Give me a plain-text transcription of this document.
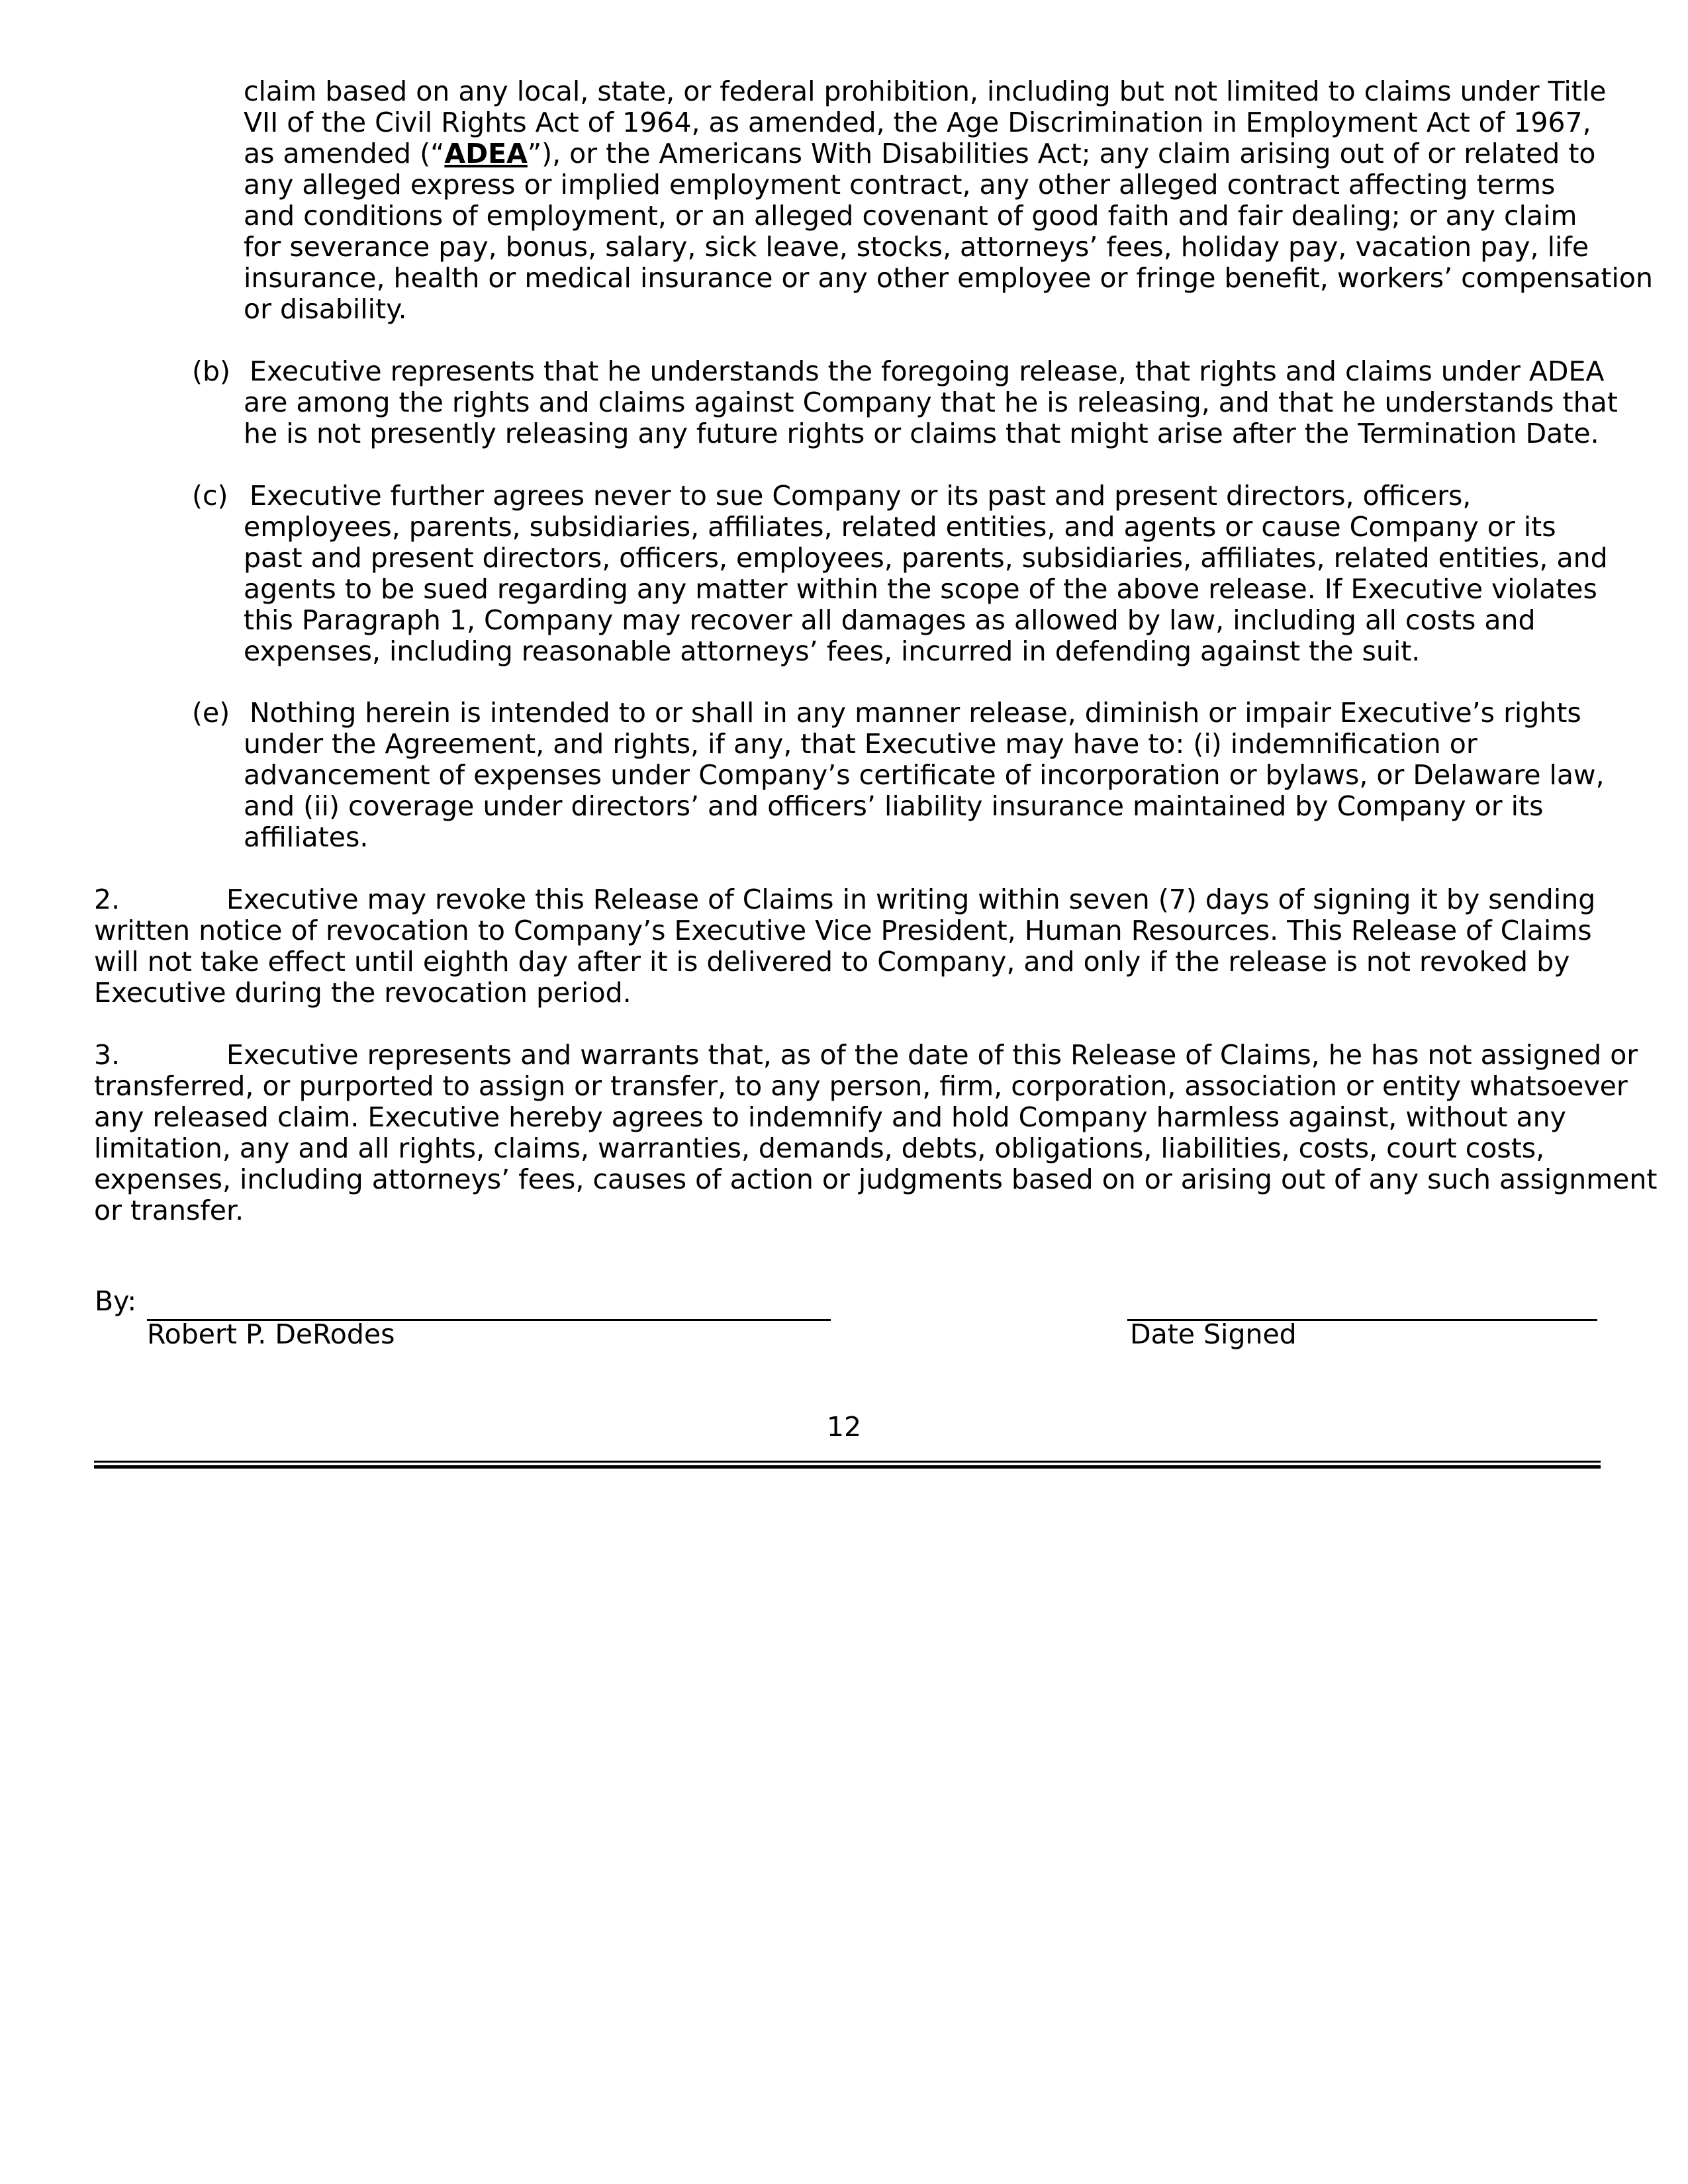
claim based on any local, state, or federal prohibition, including but not limited to claims under Title
VII of the Civil Rights Act of 1964, as amended, the Age Discrimination in Employment Act of 1967,
as amended (“ADEA”), or the Americans With Disabilities Act; any claim arising out of or related to
any alleged express or implied employment contract, any other alleged contract affecting terms
and conditions of employment, or an alleged covenant of good faith and fair dealing; or any claim
for severance pay, bonus, salary, sick leave, stocks, attorneys’ fees, holiday pay, vacation pay, life
insurance, health or medical insurance or any other employee or fringe benefit, workers’ compensation
or disability.
(b) Executive represents that he understands the foregoing release, that rights and claims under ADEA
are among the rights and claims against Company that he is releasing, and that he understands that
he is not presently releasing any future rights or claims that might arise after the Termination Date.
(c) Executive further agrees never to sue Company or its past and present directors, officers,
employees, parents, subsidiaries, affiliates, related entities, and agents or cause Company or its
past and present directors, officers, employees, parents, subsidiaries, affiliates, related entities, and
agents to be sued regarding any matter within the scope of the above release. If Executive violates
this Paragraph 1, Company may recover all damages as allowed by law, including all costs and
expenses, including reasonable attorneys’ fees, incurred in defending against the suit.
(e) Nothing herein is intended to or shall in any manner release, diminish or impair Executive’s rights
under the Agreement, and rights, if any, that Executive may have to: (i) indemnification or
advancement of expenses under Company’s certificate of incorporation or bylaws, or Delaware law,
and (ii) coverage under directors’ and officers’ liability insurance maintained by Company or its
affiliates.
2.	Executive may revoke this Release of Claims in writing within seven (7) days of signing it by sending
written notice of revocation to Company’s Executive Vice President, Human Resources. This Release of Claims
will not take effect until eighth day after it is delivered to Company, and only if the release is not revoked by
Executive during the revocation period.
3.	Executive represents and warrants that, as of the date of this Release of Claims, he has not assigned or
transferred, or purported to assign or transfer, to any person, firm, corporation, association or entity whatsoever
any released claim. Executive hereby agrees to indemnify and hold Company harmless against, without any
limitation, any and all rights, claims, warranties, demands, debts, obligations, liabilities, costs, court costs,
expenses, including attorneys’ fees, causes of action or judgments based on or arising out of any such assignment
or transfer.
By:
Robert P. DeRodes	Date Signed
12
